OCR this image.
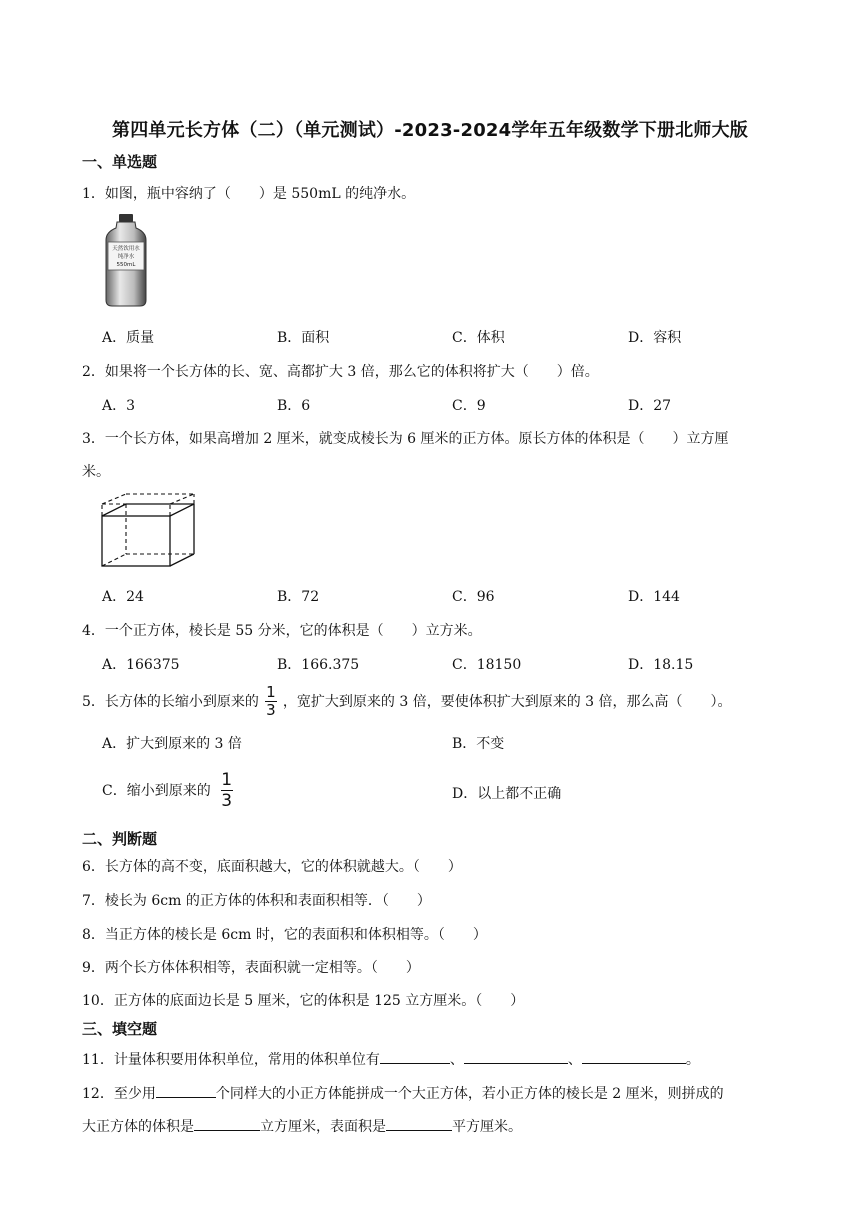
第四单元长方体（二）（单元测试）-2023-2024学年五年级数学下册北师大版
一、单选题
1．如图，瓶中容纳了（　　）是 550mL 的纯净水。
天然饮用水
纯净水
550mL
A．质量	B．面积	C．体积	D．容积
2．如果将一个长方体的长、宽、高都扩大 3 倍，那么它的体积将扩大（　　）倍。
A．3	B．6	C．9	D．27
3．一个长方体，如果高增加 2 厘米，就变成棱长为 6 厘米的正方体。原长方体的体积是（　　）立方厘
米。
A．24	B．72	C．96	D．144
4．一个正方体，棱长是 55 分米，它的体积是（　　）立方米。
A．166375	B．166.375	C．18150	D．18.15
5．长方体的长缩小到原来的 $\frac{1}{3}$ ，宽扩大到原来的 3 倍，要使体积扩大到原来的 3 倍，那么高（　　）。
A．扩大到原来的 3 倍	B．不变
C．缩小到原来的 $\frac{1}{3}$	D．以上都不正确
二、判断题
6．长方体的高不变，底面积越大，它的体积就越大。（　　）
7．棱长为 6cm 的正方体的体积和表面积相等．（　　）
8．当正方体的棱长是 6cm 时，它的表面积和体积相等。（　　）
9．两个长方体体积相等，表面积就一定相等。（　　）
10．正方体的底面边长是 5 厘米，它的体积是 125 立方厘米。（　　）
三、填空题
11．计量体积要用体积单位，常用的体积单位有	、	、	。
12．至少用	个同样大的小正方体能拼成一个大正方体，若小正方体的棱长是 2 厘米，则拼成的
大正方体的体积是	立方厘米，表面积是	平方厘米。
